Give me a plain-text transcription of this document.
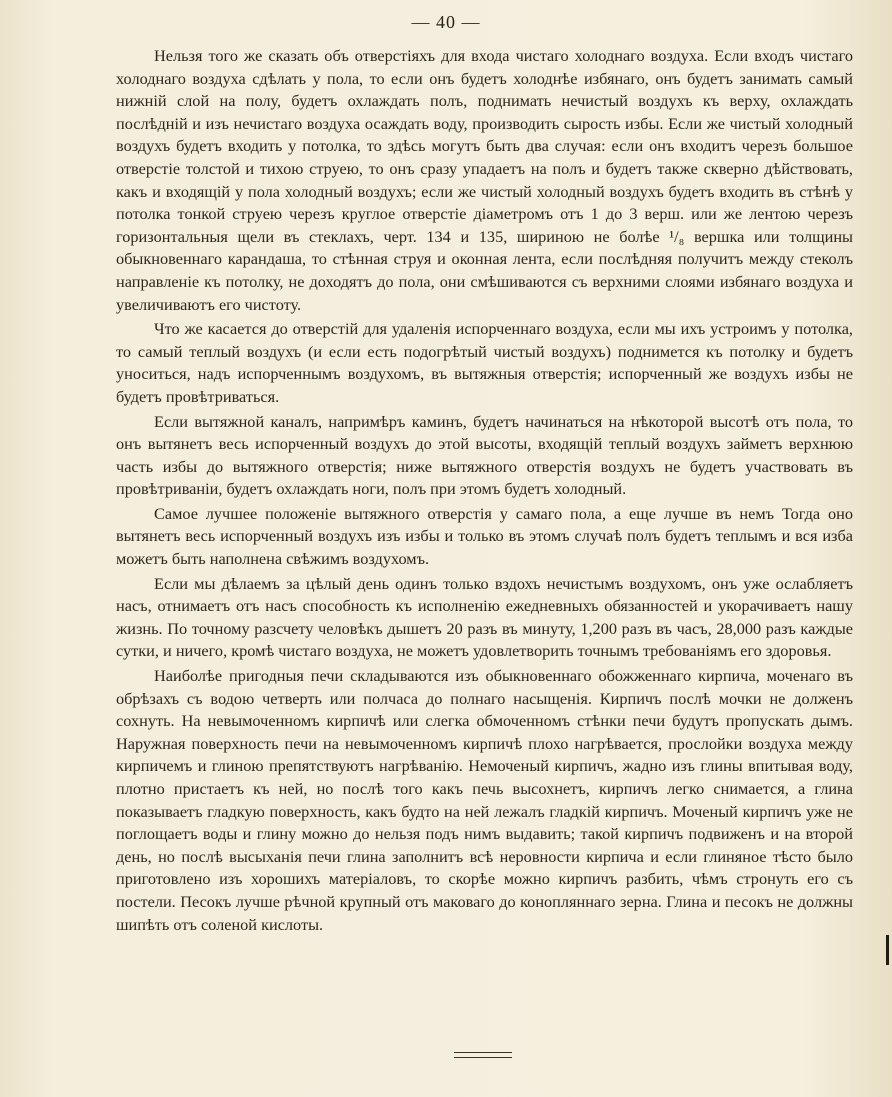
— 40 —

Нельзя того же сказать объ отверстіяхъ для входа чистаго холоднаго воздуха. Если входъ чистаго холоднаго воздуха сдѣлать у пола, то если онъ будетъ холоднѣе избянаго, онъ будетъ занимать самый нижній слой на полу, будетъ охлаждать полъ, поднимать нечистый воздухъ къ верху, охлаждать послѣдній и изъ нечистаго воздуха осаждать воду, производить сырость избы. Если же чистый холодный воздухъ будетъ входить у потолка, то здѣсь могутъ быть два случая: если онъ входитъ черезъ большое отверстіе толстой и тихою струею, то онъ сразу упадаетъ на полъ и будетъ также скверно дѣйствовать, какъ и входящій у пола холодный воздухъ; если же чистый холодный воздухъ будетъ входить въ стѣнѣ у потолка тонкой струею черезъ круглое отверстіе діаметромъ отъ 1 до 3 верш. или же лентою черезъ горизонтальныя щели въ стеклахъ, черт. 134 и 135, шириною не болѣе ¹/₈ вершка или толщины обыкновеннаго карандаша, то стѣнная струя и оконная лента, если послѣдняя получитъ между стеколъ направленіе къ потолку, не доходятъ до пола, они смѣшиваются съ верхними слоями избянаго воздуха и увеличиваютъ его чистоту.

Что же касается до отверстій для удаленія испорченнаго воздуха, если мы ихъ устроимъ у потолка, то самый теплый воздухъ (и если есть подогрѣтый чистый воздухъ) поднимется къ потолку и будетъ уноситься, надъ испорченнымъ воздухомъ, въ вытяжныя отверстія; испорченный же воздухъ избы не будетъ провѣтриваться.

Если вытяжной каналъ, напримѣръ каминъ, будетъ начинаться на нѣкоторой высотѣ отъ пола, то онъ вытянетъ весь испорченный воздухъ до этой высоты, входящій теплый воздухъ займетъ верхнюю часть избы до вытяжного отверстія; ниже вытяжного отверстія воздухъ не будетъ участвовать въ провѣтриваніи, будетъ охлаждать ноги, полъ при этомъ будетъ холодный.

Самое лучшее положеніе вытяжного отверстія у самаго пола, а еще лучше въ немъ Тогда оно вытянетъ весь испорченный воздухъ изъ избы и только въ этомъ случаѣ полъ будетъ теплымъ и вся изба можетъ быть наполнена свѣжимъ воздухомъ.

Если мы дѣлаемъ за цѣлый день одинъ только вздохъ нечистымъ воздухомъ, онъ уже ослабляетъ насъ, отнимаетъ отъ насъ способность къ исполненію ежедневныхъ обязанностей и укорачиваетъ нашу жизнь. По точному разсчету человѣкъ дышетъ 20 разъ въ минуту, 1,200 разъ въ часъ, 28,000 разъ каждые сутки, и ничего, кромѣ чистаго воздуха, не можетъ удовлетворить точнымъ требованіямъ его здоровья.

Наиболѣе пригодныя печи складываются изъ обыкновеннаго обожженнаго кирпича, моченаго въ обрѣзахъ съ водою четверть или полчаса до полнаго насыщенія. Кирпичъ послѣ мочки не долженъ сохнуть. На невымоченномъ кирпичѣ или слегка обмоченномъ стѣнки печи будутъ пропускать дымъ. Наружная поверхность печи на невымоченномъ кирпичѣ плохо нагрѣвается, прослойки воздуха между кирпичемъ и глиною препятствуютъ нагрѣванію. Немоченый кирпичъ, жадно изъ глины впитывая воду, плотно пристаетъ къ ней, но послѣ того какъ печь высохнетъ, кирпичъ легко снимается, а глина показываетъ гладкую поверхность, какъ будто на ней лежалъ гладкій кирпичъ. Моченый кирпичъ уже не поглощаетъ воды и глину можно до нельзя подъ нимъ выдавить; такой кирпичъ подвиженъ и на второй день, но послѣ высыханія печи глина заполнитъ всѣ неровности кирпича и если глиняное тѣсто было приготовлено изъ хорошихъ матеріаловъ, то скорѣе можно кирпичъ разбить, чѣмъ стронуть его съ постели. Песокъ лучше рѣчной крупный отъ маковаго до конопляннаго зерна. Глина и песокъ не должны шипѣть отъ соленой кислоты.
